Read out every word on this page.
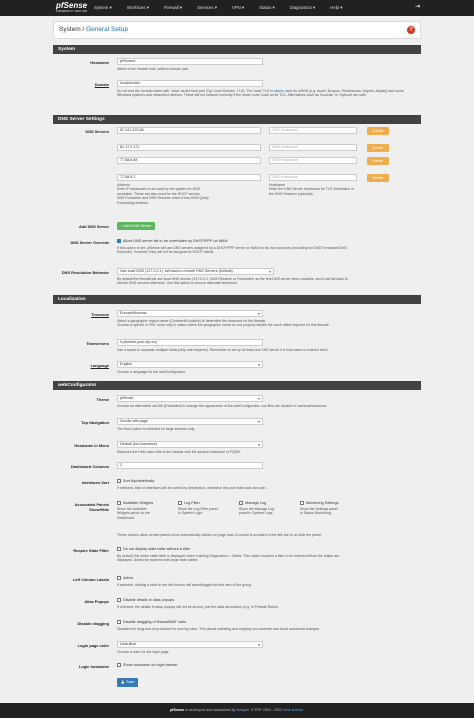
pfSense
COMMUNITY EDITION
System ▾	Interfaces ▾	Firewall ▾	Services ▾	VPN ▾	Status ▾	Diagnostics ▾	Help ▾	⇥
System / General Setup	?
System
Hostname	pfSense4
Name of the firewall host, without domain part
Domain	localdomain
Do not end the domain name with '.local' as the final part (Top Level Domain, TLD). The 'local' TLD is widely used by mDNS (e.g. Avahi, Bonjour, Rendezvous, Airprint, Airplay) and some Windows systems and networked devices. These will not network correctly if the router uses 'local' as its TLD. Alternatives such as 'local.lan' or 'mylocal' are safe.
DNS Server Settings
DNS Servers	87.241.223.68	DNS Hostname	Delete
81.17.2.171	DNS Hostname	Delete
77.88.8.88	DNS Hostname	Delete
77.88.8.2	DNS Hostname	Delete
Address
Enter IP addresses to be used by the system for DNS
resolution. These are also used for the DHCP service,
DNS Forwarder and DNS Resolver when it has DNS Query
Forwarding enabled.
Hostname
Enter the DNS Server Hostname for TLS Verification in
the DNS Resolver (optional).
Add DNS Server	+ Add DNS Server
DNS Server Override	Allow DNS server list to be overridden by DHCP/PPP on WAN
If this option is set, pfSense will use DNS servers assigned by a DHCP/PPP server on WAN for its own purposes (including the DNS Forwarder/DNS
Resolver). However, they will not be assigned to DHCP clients.
DNS Resolution Behavior	Use local DNS (127.0.0.1), fall back to remote DNS Servers (Default) ▾
By default the firewall will use local DNS service (127.0.0.1, DNS Resolver or Forwarder) as the first DNS server when possible, and it will fall back to
remote DNS servers otherwise. Use this option to choose alternate behaviors.
Localization
Timezone	Europe/Moscow ▾
Select a geographic region name (Continent/Location) to determine the timezone for the firewall.
Choose a special or "Etc" zone only in cases where the geographic zones do not properly handle the clock offset required for this firewall.
Timeservers	0.pfsense.pool.ntp.org
Use a space to separate multiple hosts (only one required). Remember to set up at least one DNS server if a host name is entered here!
Language	English ▾
Choose a language for the webConfigurator
webConfigurator
Theme	pfSense ▾
Choose an alternative css file (if installed) to change the appearance of the webConfigurator. css files are located in /usr/local/www/css/
Top Navigation	Scrolls with page ▾
The fixed option is intended for large screens only.
Hostname in Menu	Default (No hostname) ▾
Replaces the Help menu title in the Navbar with the system hostname or FQDN.
Dashboard Columns	2
Interfaces Sort	Sort Alphabetically
If selected, lists of interfaces will be sorted by description, otherwise they are listed wan,lan,optn...
Associated Panels
Show/Hide
Available Widgets
Show the Available
Widgets panel on the
Dashboard.
Log Filter
Show the Log Filter panel
in System Logs.
Manage Log
Show the Manage Log
panel in System Logs.
Monitoring Settings
Show the Settings panel
in Status Monitoring.
These options allow certain panels to be automatically hidden on page load. A control is provided in the title bar to un-hide the panel.
Require State Filter	Do not display state table without a filter
By default, the entire state table is displayed when entering Diagnostics > States. This option requires a filter to be entered before the states are
displayed. Useful for systems with large state tables.
Left Column Labels	Active
If selected, clicking a label in the left column will select/toggle the first item of the group.
Alias Popups	Disable details in alias popups
If checked, the details in alias popups will not be shown, just the alias description (e.g. in Firewall Rules).
Disable dragging	Disable dragging of firewall/NAT rules
Disables the drag-and-drop feature for moving rules. This allows selecting and copying row contents and avoid accidental changes.
Login page color	Dark Blue ▾
Choose a color for the login page
Login hostname	Show hostname on login banner
💾 Save
pfSense is developed and maintained by Netgate. © ESF 2004 - 2021 View license.
